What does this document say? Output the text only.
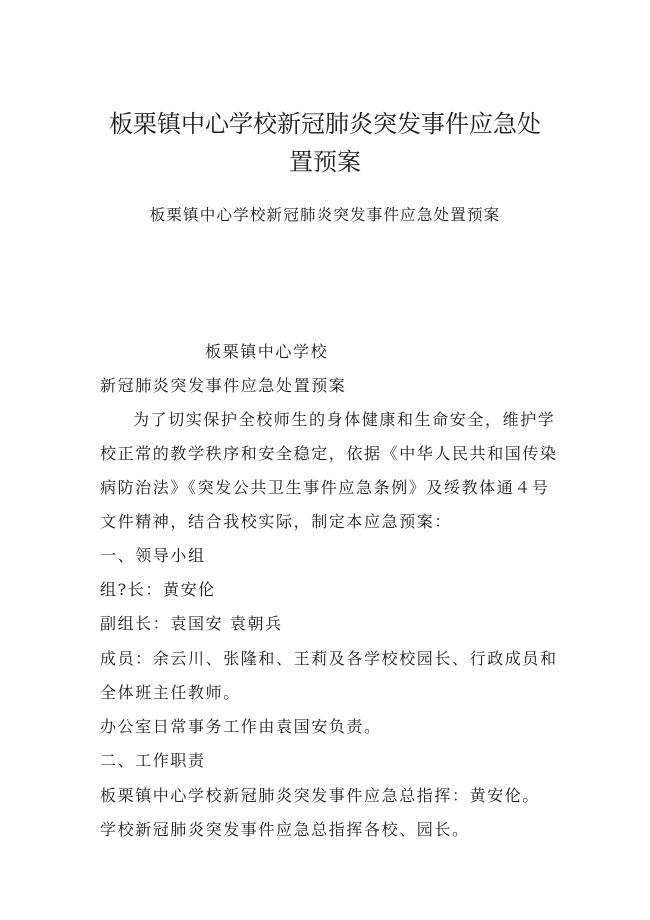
板栗镇中心学校新冠肺炎突发事件应急处
置预案
板栗镇中心学校新冠肺炎突发事件应急处置预案
板栗镇中心学校
新冠肺炎突发事件应急处置预案
为了切实保护全校师生的身体健康和生命安全，维护学
校正常的教学秩序和安全稳定，依据《中华人民共和国传染
病防治法》《突发公共卫生事件应急条例》及绥教体通４号
文件精神，结合我校实际，制定本应急预案：
一、领导小组
组?长：黄安伦
副组长：袁国安 袁朝兵
成员：余云川、张隆和、王莉及各学校校园长、行政成员和
全体班主任教师。
办公室日常事务工作由袁国安负责。
二、工作职责
板栗镇中心学校新冠肺炎突发事件应急总指挥：黄安伦。
学校新冠肺炎突发事件应急总指挥各校、园长。
